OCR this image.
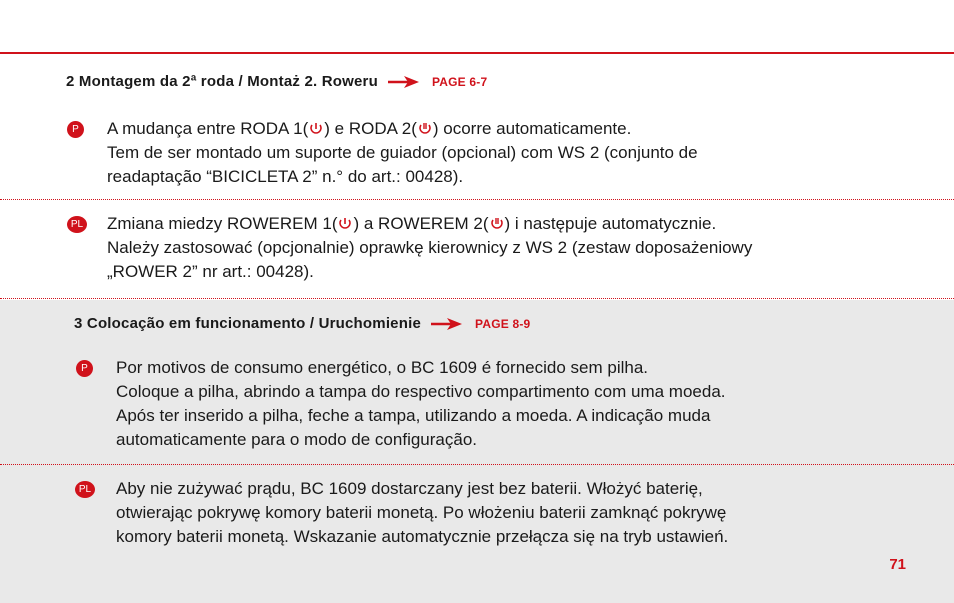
2 Montagem da 2ª roda / Montaż 2. Roweru	PAGE 6-7
P	A mudança entre RODA 1( ) e RODA 2( ) ocorre automaticamente.
Tem de ser montado um suporte de guiador (opcional) com WS 2 (conjunto de
readaptação “BICICLETA 2” n.° do art.: 00428).
PL Zmiana miedzy ROWEREM 1( ) a ROWEREM 2( ) i następuje automatycznie.
Należy zastosować (opcjonalnie) oprawkę kierownicy z WS 2 (zestaw doposażeniowy
„ROWER 2” nr art.: 00428).
3 Colocação em funcionamento / Uruchomienie	PAGE 8-9
P	Por motivos de consumo energético, o BC 1609 é fornecido sem pilha.
Coloque a pilha, abrindo a tampa do respectivo compartimento com uma moeda.
Após ter inserido a pilha, feche a tampa, utilizando a moeda. A indicação muda
automaticamente para o modo de configuração.
PL Aby nie zużywać prądu, BC 1609 dostarczany jest bez baterii. Włożyć baterię,
otwierając pokrywę komory baterii monetą. Po włożeniu baterii zamknąć pokrywę
komory baterii monetą. Wskazanie automatycznie przełącza się na tryb ustawień.
71
